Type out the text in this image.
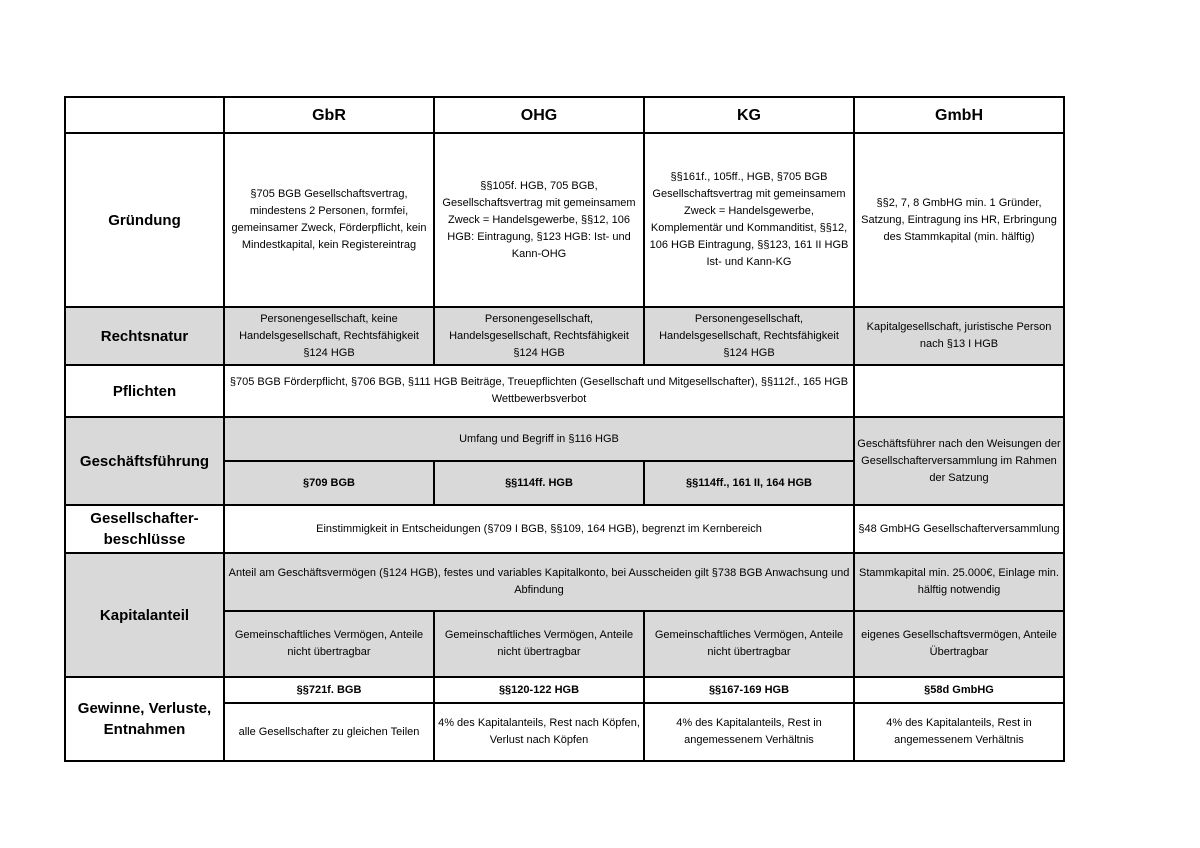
	GbR	OHG	KG	GmbH
Gründung	§705 BGB Gesellschaftsvertrag, mindestens 2 Personen, formfei, gemeinsamer Zweck, Förderpflicht, kein Mindestkapital, kein Registereintrag	§§105f. HGB, 705 BGB, Gesellschaftsvertrag mit gemeinsamem Zweck = Handelsgewerbe, §§12, 106 HGB: Eintragung, §123 HGB: Ist- und Kann-OHG	§§161f., 105ff., HGB, §705 BGB Gesellschaftsvertrag mit gemeinsamem Zweck = Handelsgewerbe, Komplementär und Kommanditist, §§12, 106 HGB Eintragung, §§123, 161 II HGB Ist- und Kann-KG	§§2, 7, 8 GmbHG min. 1 Gründer, Satzung, Eintragung ins HR, Erbringung des Stammkapital (min. hälftig)
Rechtsnatur	Personengesellschaft, keine Handelsgesellschaft, Rechtsfähigkeit §124 HGB	Personengesellschaft, Handelsgesellschaft, Rechtsfähigkeit §124 HGB	Personengesellschaft, Handelsgesellschaft, Rechtsfähigkeit §124 HGB	Kapitalgesellschaft, juristische Person nach §13 I HGB
Pflichten	§705 BGB Förderpflicht, §706 BGB, §111 HGB Beiträge, Treuepflichten (Gesellschaft und Mitgesellschafter), §§112f., 165 HGB Wettbewerbsverbot			
Geschäftsführung	Umfang und Begriff in §116 HGB			Geschäftsführer nach den Weisungen der Gesellschafterversammlung im Rahmen der Satzung
	§709 BGB	§§114ff. HGB	§§114ff., 161 II, 164 HGB	
Gesellschafter-beschlüsse	Einstimmigkeit in Entscheidungen (§709 I BGB, §§109, 164 HGB), begrenzt im Kernbereich			§48 GmbHG Gesellschafterversammlung
Kapitalanteil	Anteil am Geschäftsvermögen (§124 HGB), festes und variables Kapitalkonto, bei Ausscheiden gilt §738 BGB Anwachsung und Abfindung			Stammkapital min. 25.000€, Einlage min. hälftig notwendig
	Gemeinschaftliches Vermögen, Anteile nicht übertragbar	Gemeinschaftliches Vermögen, Anteile nicht übertragbar	Gemeinschaftliches Vermögen, Anteile nicht übertragbar	eigenes Gesellschaftsvermögen, Anteile Übertragbar
Gewinne, Verluste, Entnahmen	§§721f. BGB	§§120-122 HGB	§§167-169 HGB	§58d GmbHG
	alle Gesellschafter zu gleichen Teilen	4% des Kapitalanteils, Rest nach Köpfen, Verlust nach Köpfen	4% des Kapitalanteils, Rest in angemessenem Verhältnis	4% des Kapitalanteils, Rest in angemessenem Verhältnis
